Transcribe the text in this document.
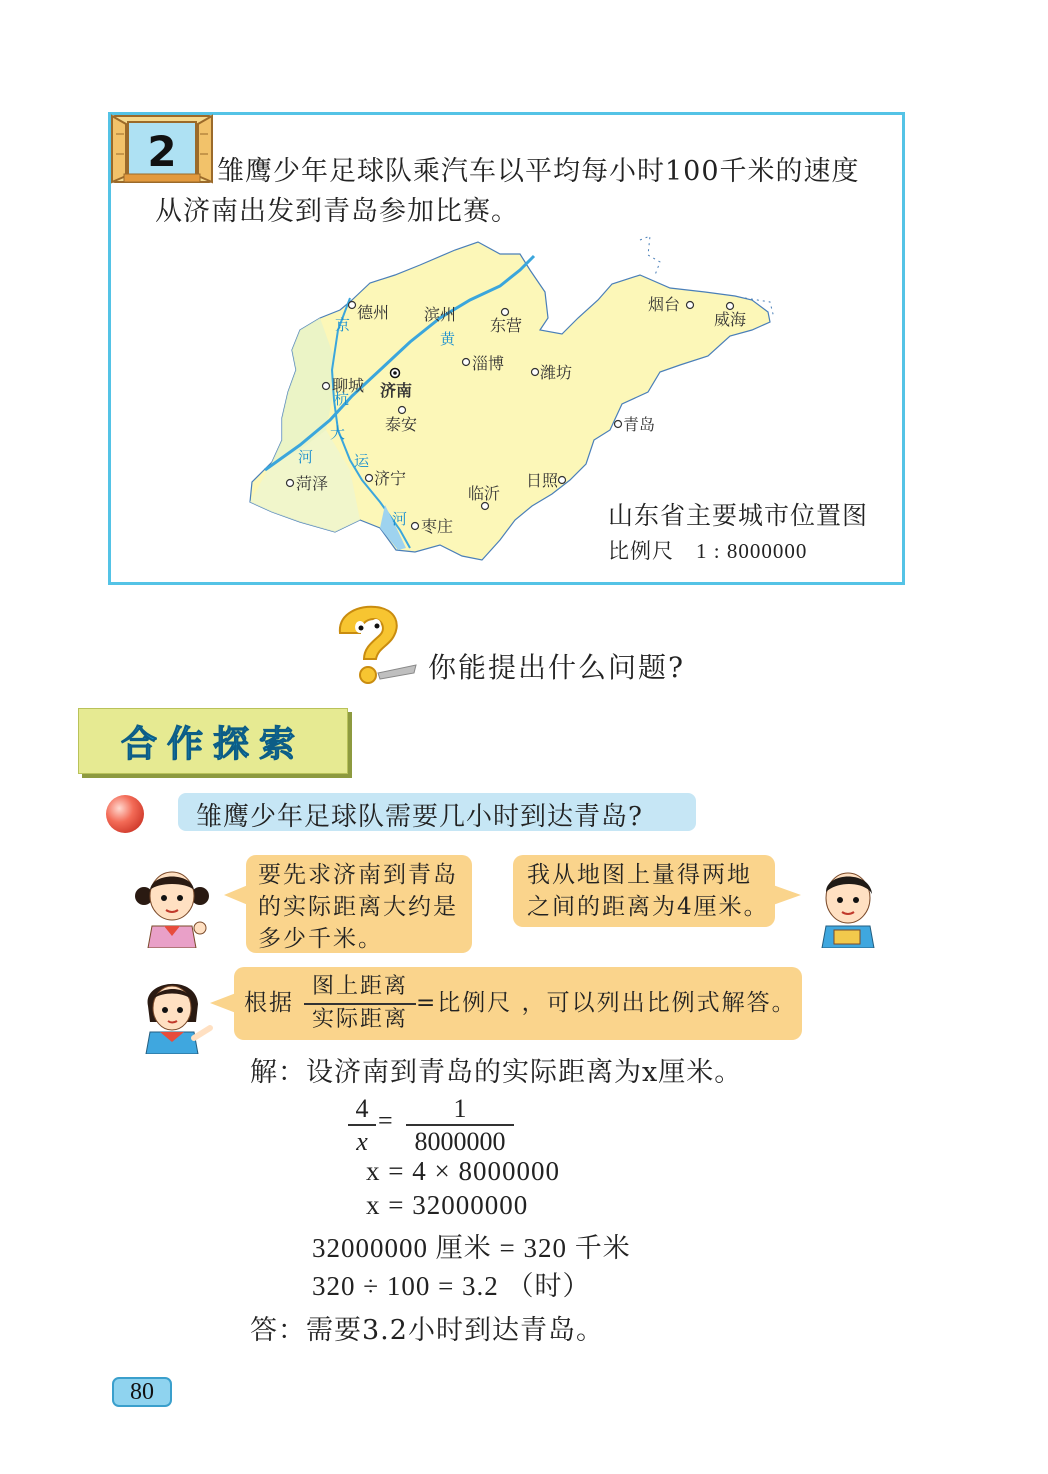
2	雏鹰少年足球队乘汽车以平均每小时100千米的速度
从济南出发到青岛参加比赛。
德州 滨州
东营
烟台
威海
淄博 潍坊
聊城 济南
泰安	青岛
菏泽	济宁
临沂
日照
枣庄
京
杭
大
运
河
河
黄
山东省主要城市位置图
比例尺　1 : 8000000
你能提出什么问题?
合作探索
雏鹰少年足球队需要几小时到达青岛?
要先求济南到青岛
的实际距离大约是
多少千米。
我从地图上量得两地
之间的距离为4厘米。
根据
图上距离
实际距离
=比例尺 ，可以列出比例式解答。
解：设济南到青岛的实际距离为x厘米。
$\frac{4}{x} = \frac{1}{8000000}$
x = 4 × 8000000
x = 32000000
32000000 厘米 = 320 千米
320 ÷ 100 = 3.2 （时）
答：需要3.2小时到达青岛。
80
